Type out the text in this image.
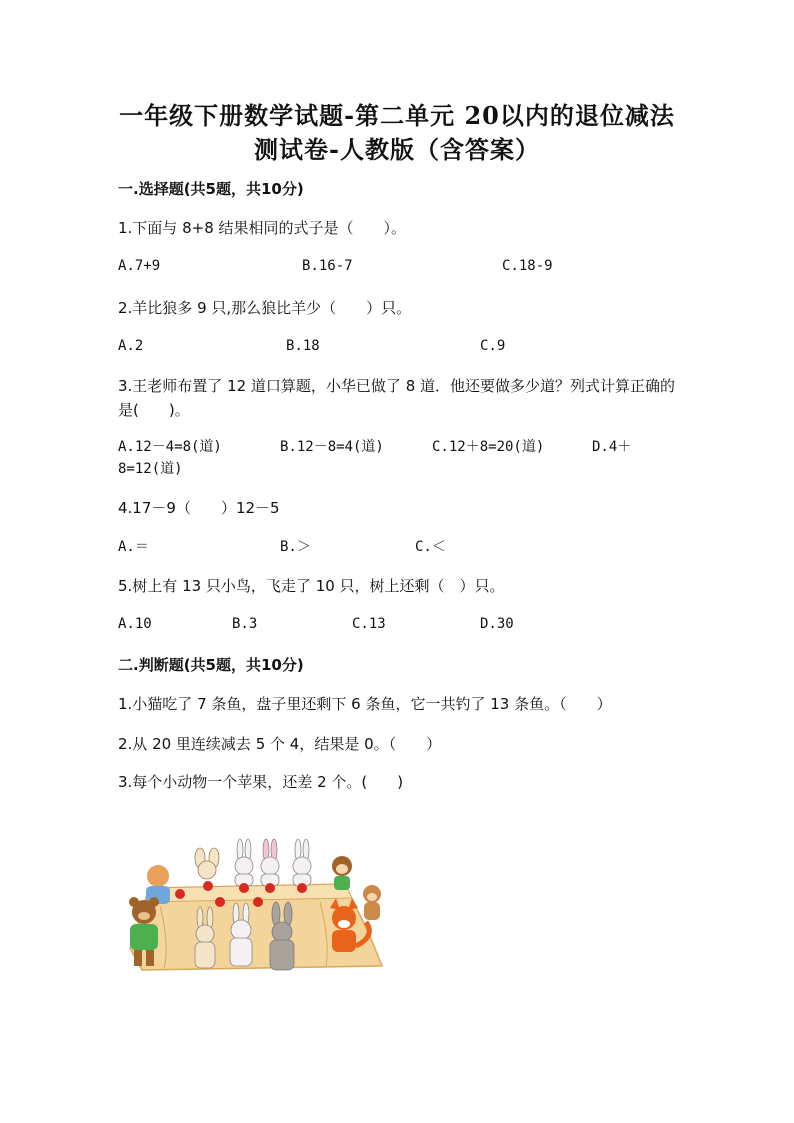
一年级下册数学试题-第二单元 20以内的退位减法
测试卷-人教版（含答案）
一.选择题(共5题，共10分)
1.下面与 8+8 结果相同的式子是（　　）。
A.7+9	B.16-7	C.18-9
2.羊比狼多 9 只,那么狼比羊少（　　）只。
A.2	B.18	C.9
3.王老师布置了 12 道口算题，小华已做了 8 道．他还要做多少道？列式计算正确的是(　　)。
A.12－4=8(道)	B.12－8=4(道)	C.12＋8=20(道)	D.4＋
8=12(道)
4.17－9（　　）12－5
A.＝	B.＞	C.＜
5.树上有 13 只小鸟，飞走了 10 只，树上还剩（　）只。
A.10	B.3	C.13	D.30
二.判断题(共5题，共10分)
1.小猫吃了 7 条鱼，盘子里还剩下 6 条鱼，它一共钓了 13 条鱼。（　　）
2.从 20 里连续减去 5 个 4，结果是 0。（　　）
3.每个小动物一个苹果，还差 2 个。(　　)
